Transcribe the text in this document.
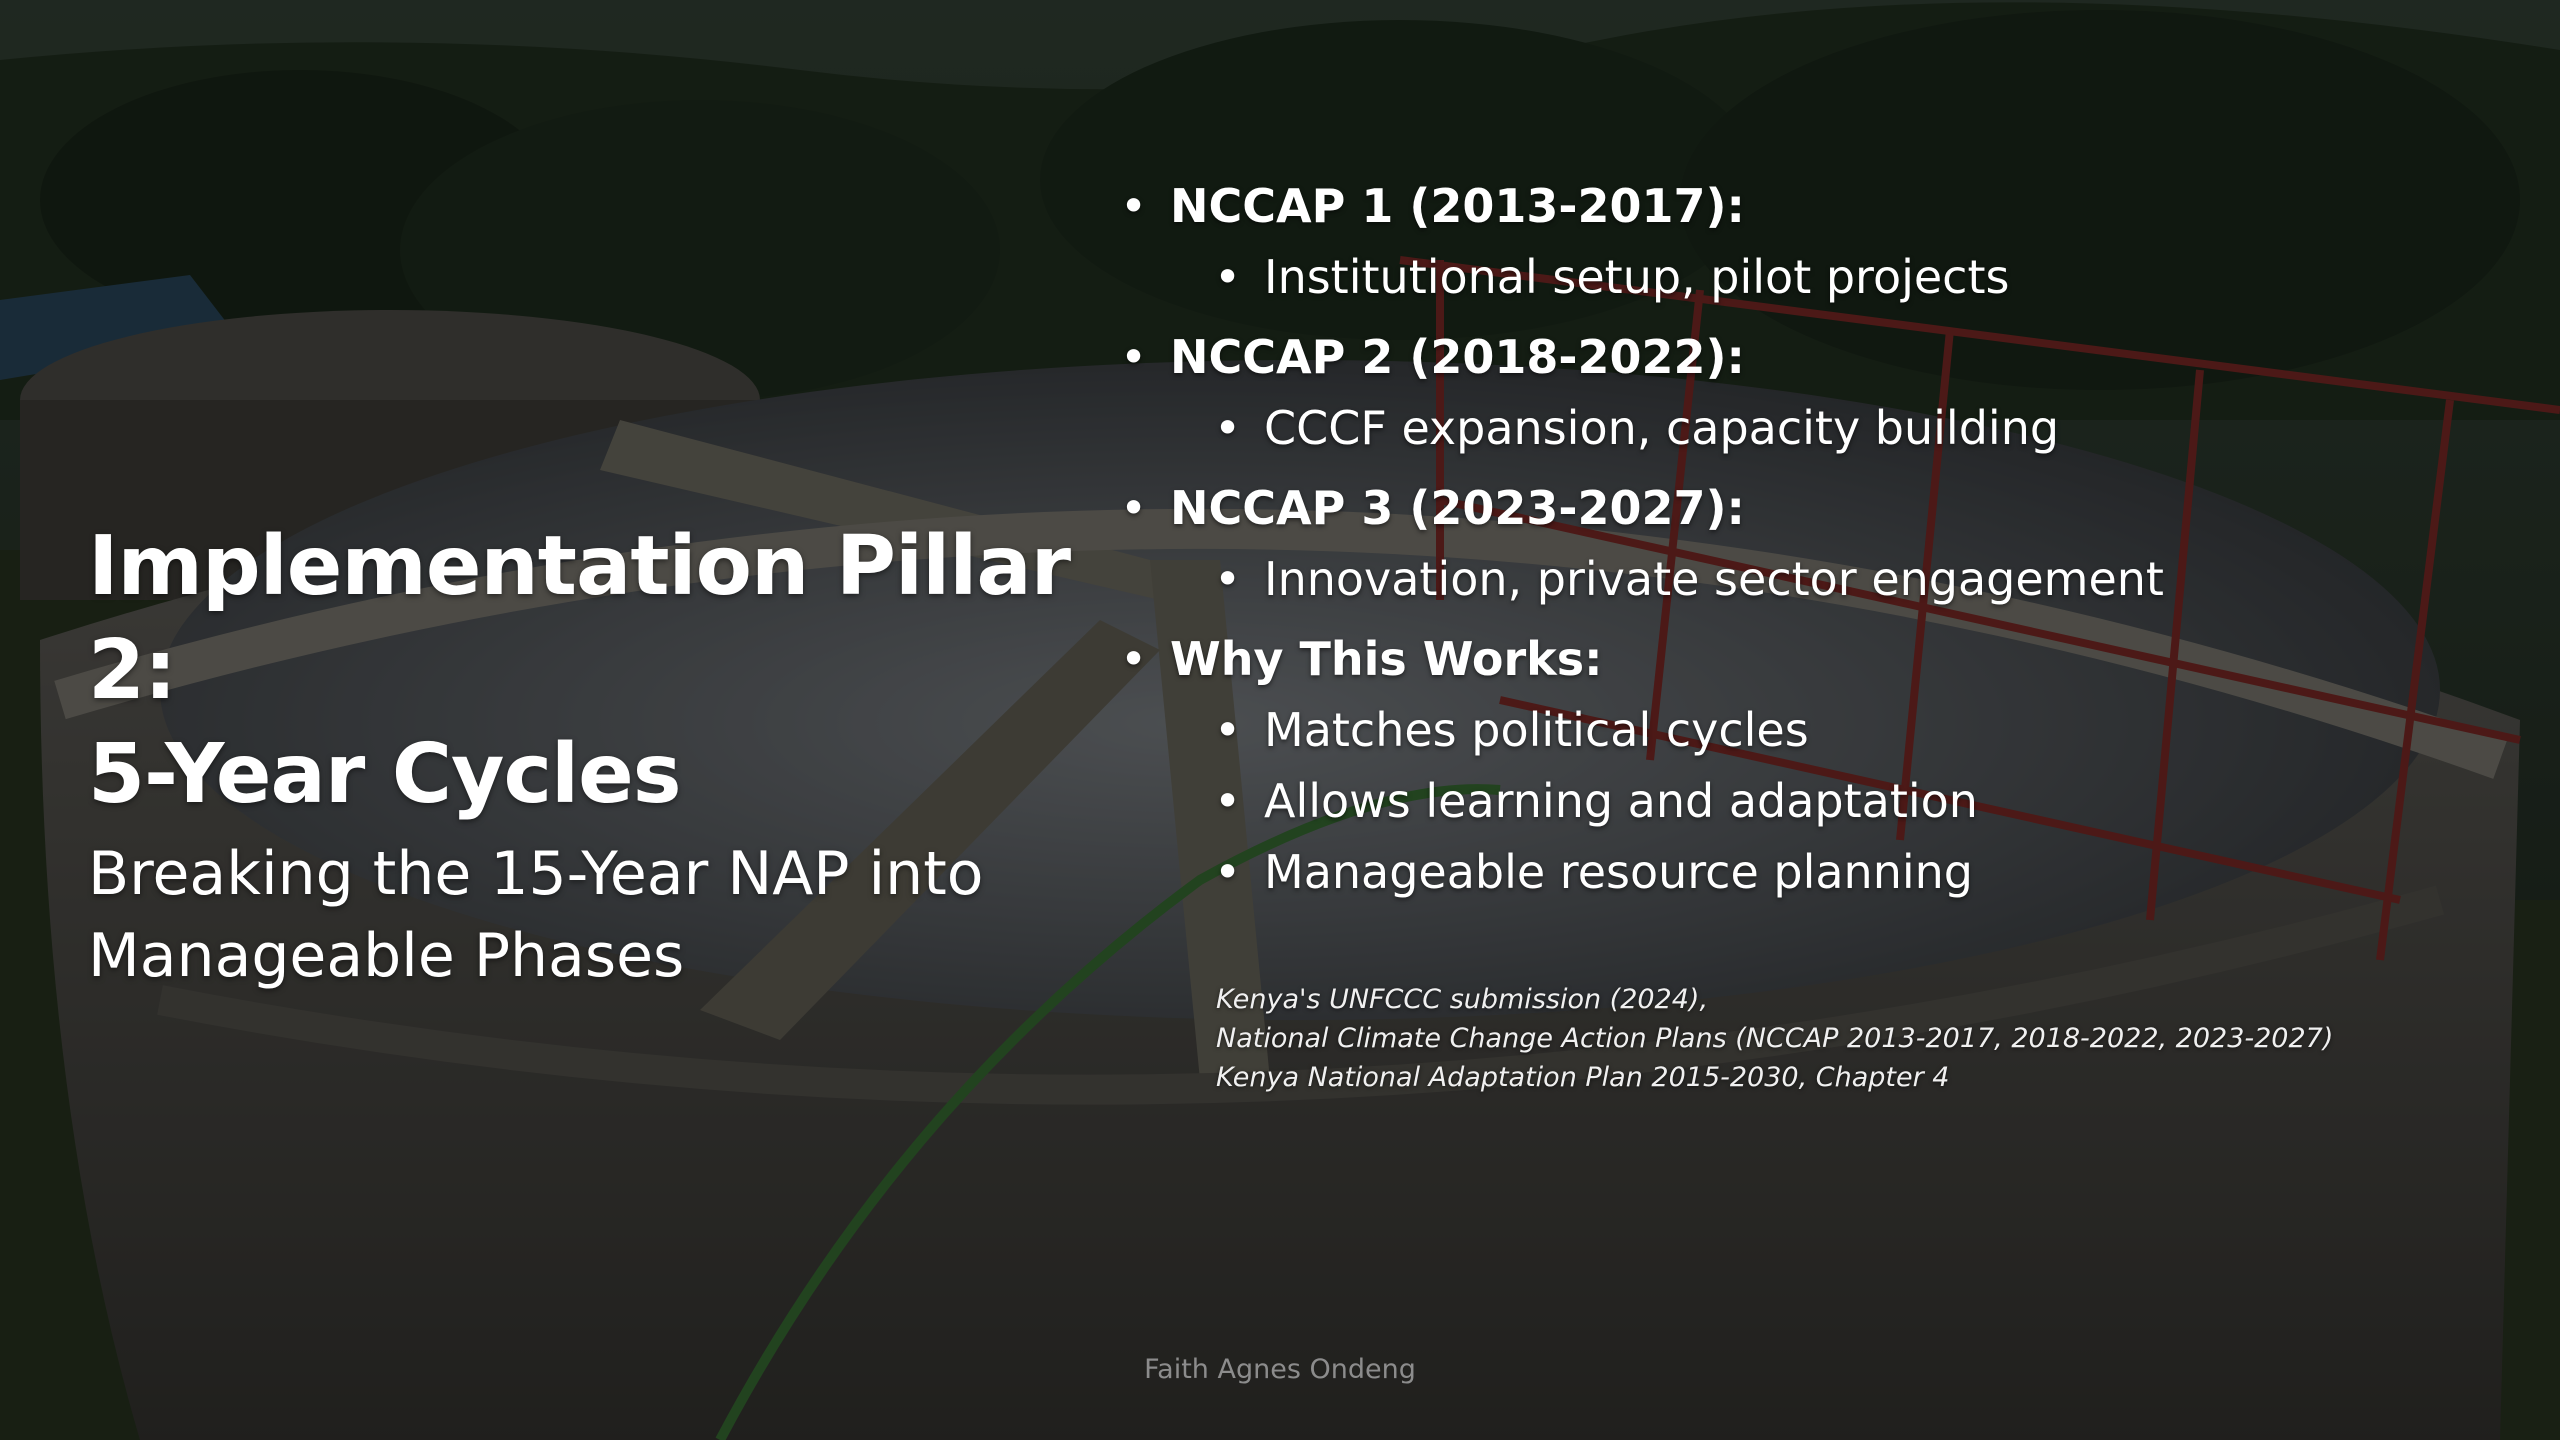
Implementation Pillar 2:
5-Year Cycles
Breaking the 15-Year NAP into
Manageable Phases
• NCCAP 1 (2013-2017):
• Institutional setup, pilot projects
• NCCAP 2 (2018-2022):
• CCCF expansion, capacity building
• NCCAP 3 (2023-2027):
• Innovation, private sector engagement
• Why This Works:
• Matches political cycles
• Allows learning and adaptation
• Manageable resource planning
Kenya's UNFCCC submission (2024),
National Climate Change Action Plans (NCCAP 2013-2017, 2018-2022, 2023-2027)
Kenya National Adaptation Plan 2015-2030, Chapter 4
Faith Agnes Ondeng
